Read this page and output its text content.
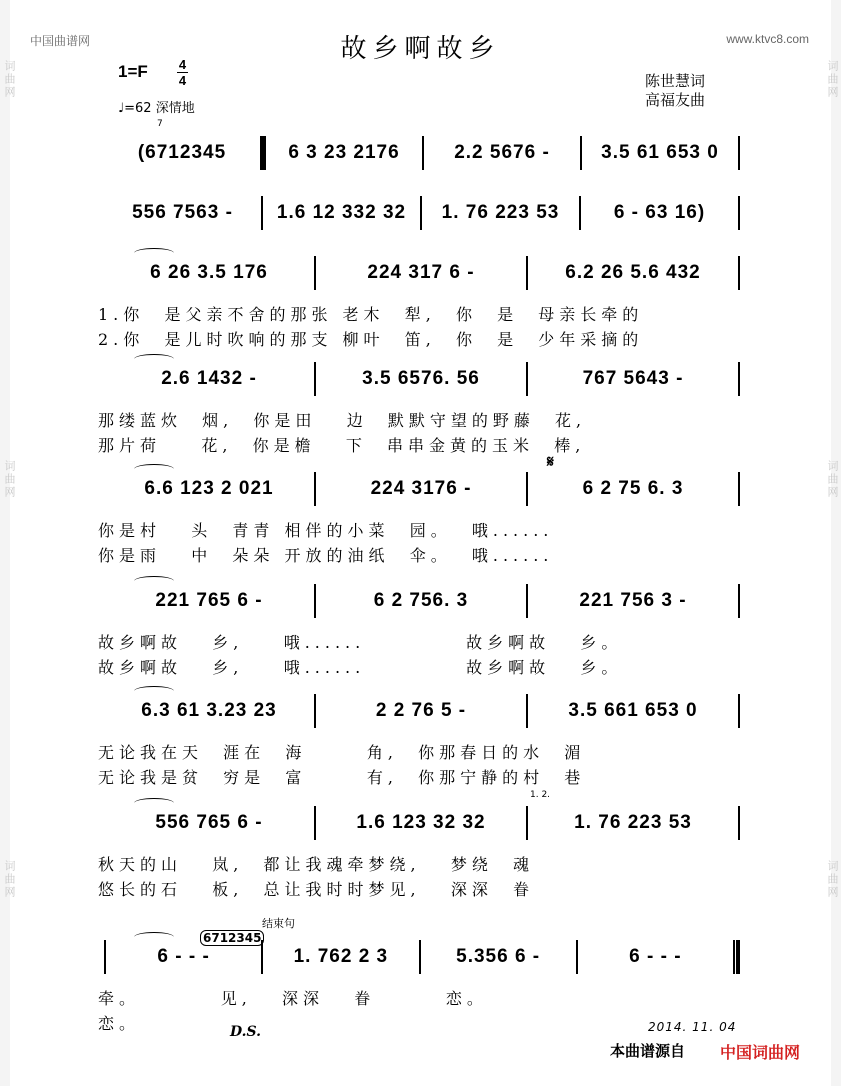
词曲网
词曲网
词曲网
词曲网
词曲网
词曲网
中国曲谱网	www.ktvc8.com
故乡啊故乡
1=F 4
4
♩=62 深情地
陈世慧词
高福友曲
7
𝄋
结束句
1. 2.
6712345
(6712345	6 3 23 2176	2.2 5676 -	3.5 61 653 0
556 7563 -	1.6 12 332 32	1. 76 223 53	6 - 63 16)
6 26 3.5 176	224 317 6 -	6.2 26 5.6 432
1.你  是父亲不舍的那张 老木  犁,  你  是  母亲长牵的
2.你  是儿时吹响的那支 柳叶  笛,  你  是  少年采摘的
2.6 1432 -	3.5 6576. 56	767 5643 -
那缕蓝炊  烟,  你是田   边  默默守望的野藤  花,
那片荷    花,  你是檐   下  串串金黄的玉米  棒,
6.6 123 2 021	224 3176 -	6 2 75 6. 3
你是村   头  青青 相伴的小菜  园。  哦......
你是雨   中  朵朵 开放的油纸  伞。  哦......
221 765 6 -	6 2 756. 3	221 756 3 -
故乡啊故   乡,    哦......          故乡啊故   乡。
故乡啊故   乡,    哦......          故乡啊故   乡。
6.3 61 3.23 23	2 2 76 5 -	3.5 661 653 0
无论我在天  涯在  海      角,  你那春日的水  湄
无论我是贫  穷是  富      有,  你那宁静的村  巷
556 765 6 -	1.6 123 32 32	1. 76 223 53
秋天的山   岚,  都让我魂牵梦绕,   梦绕  魂
悠长的石   板,  总让我时时梦见,   深深  眷
6 - - -	1. 762 2 3	5.356 6 -	6 - - -
牵。        见,   深深   眷       恋。
恋。	D.S.	2014. 11. 04
本曲谱源自 中国词曲网
